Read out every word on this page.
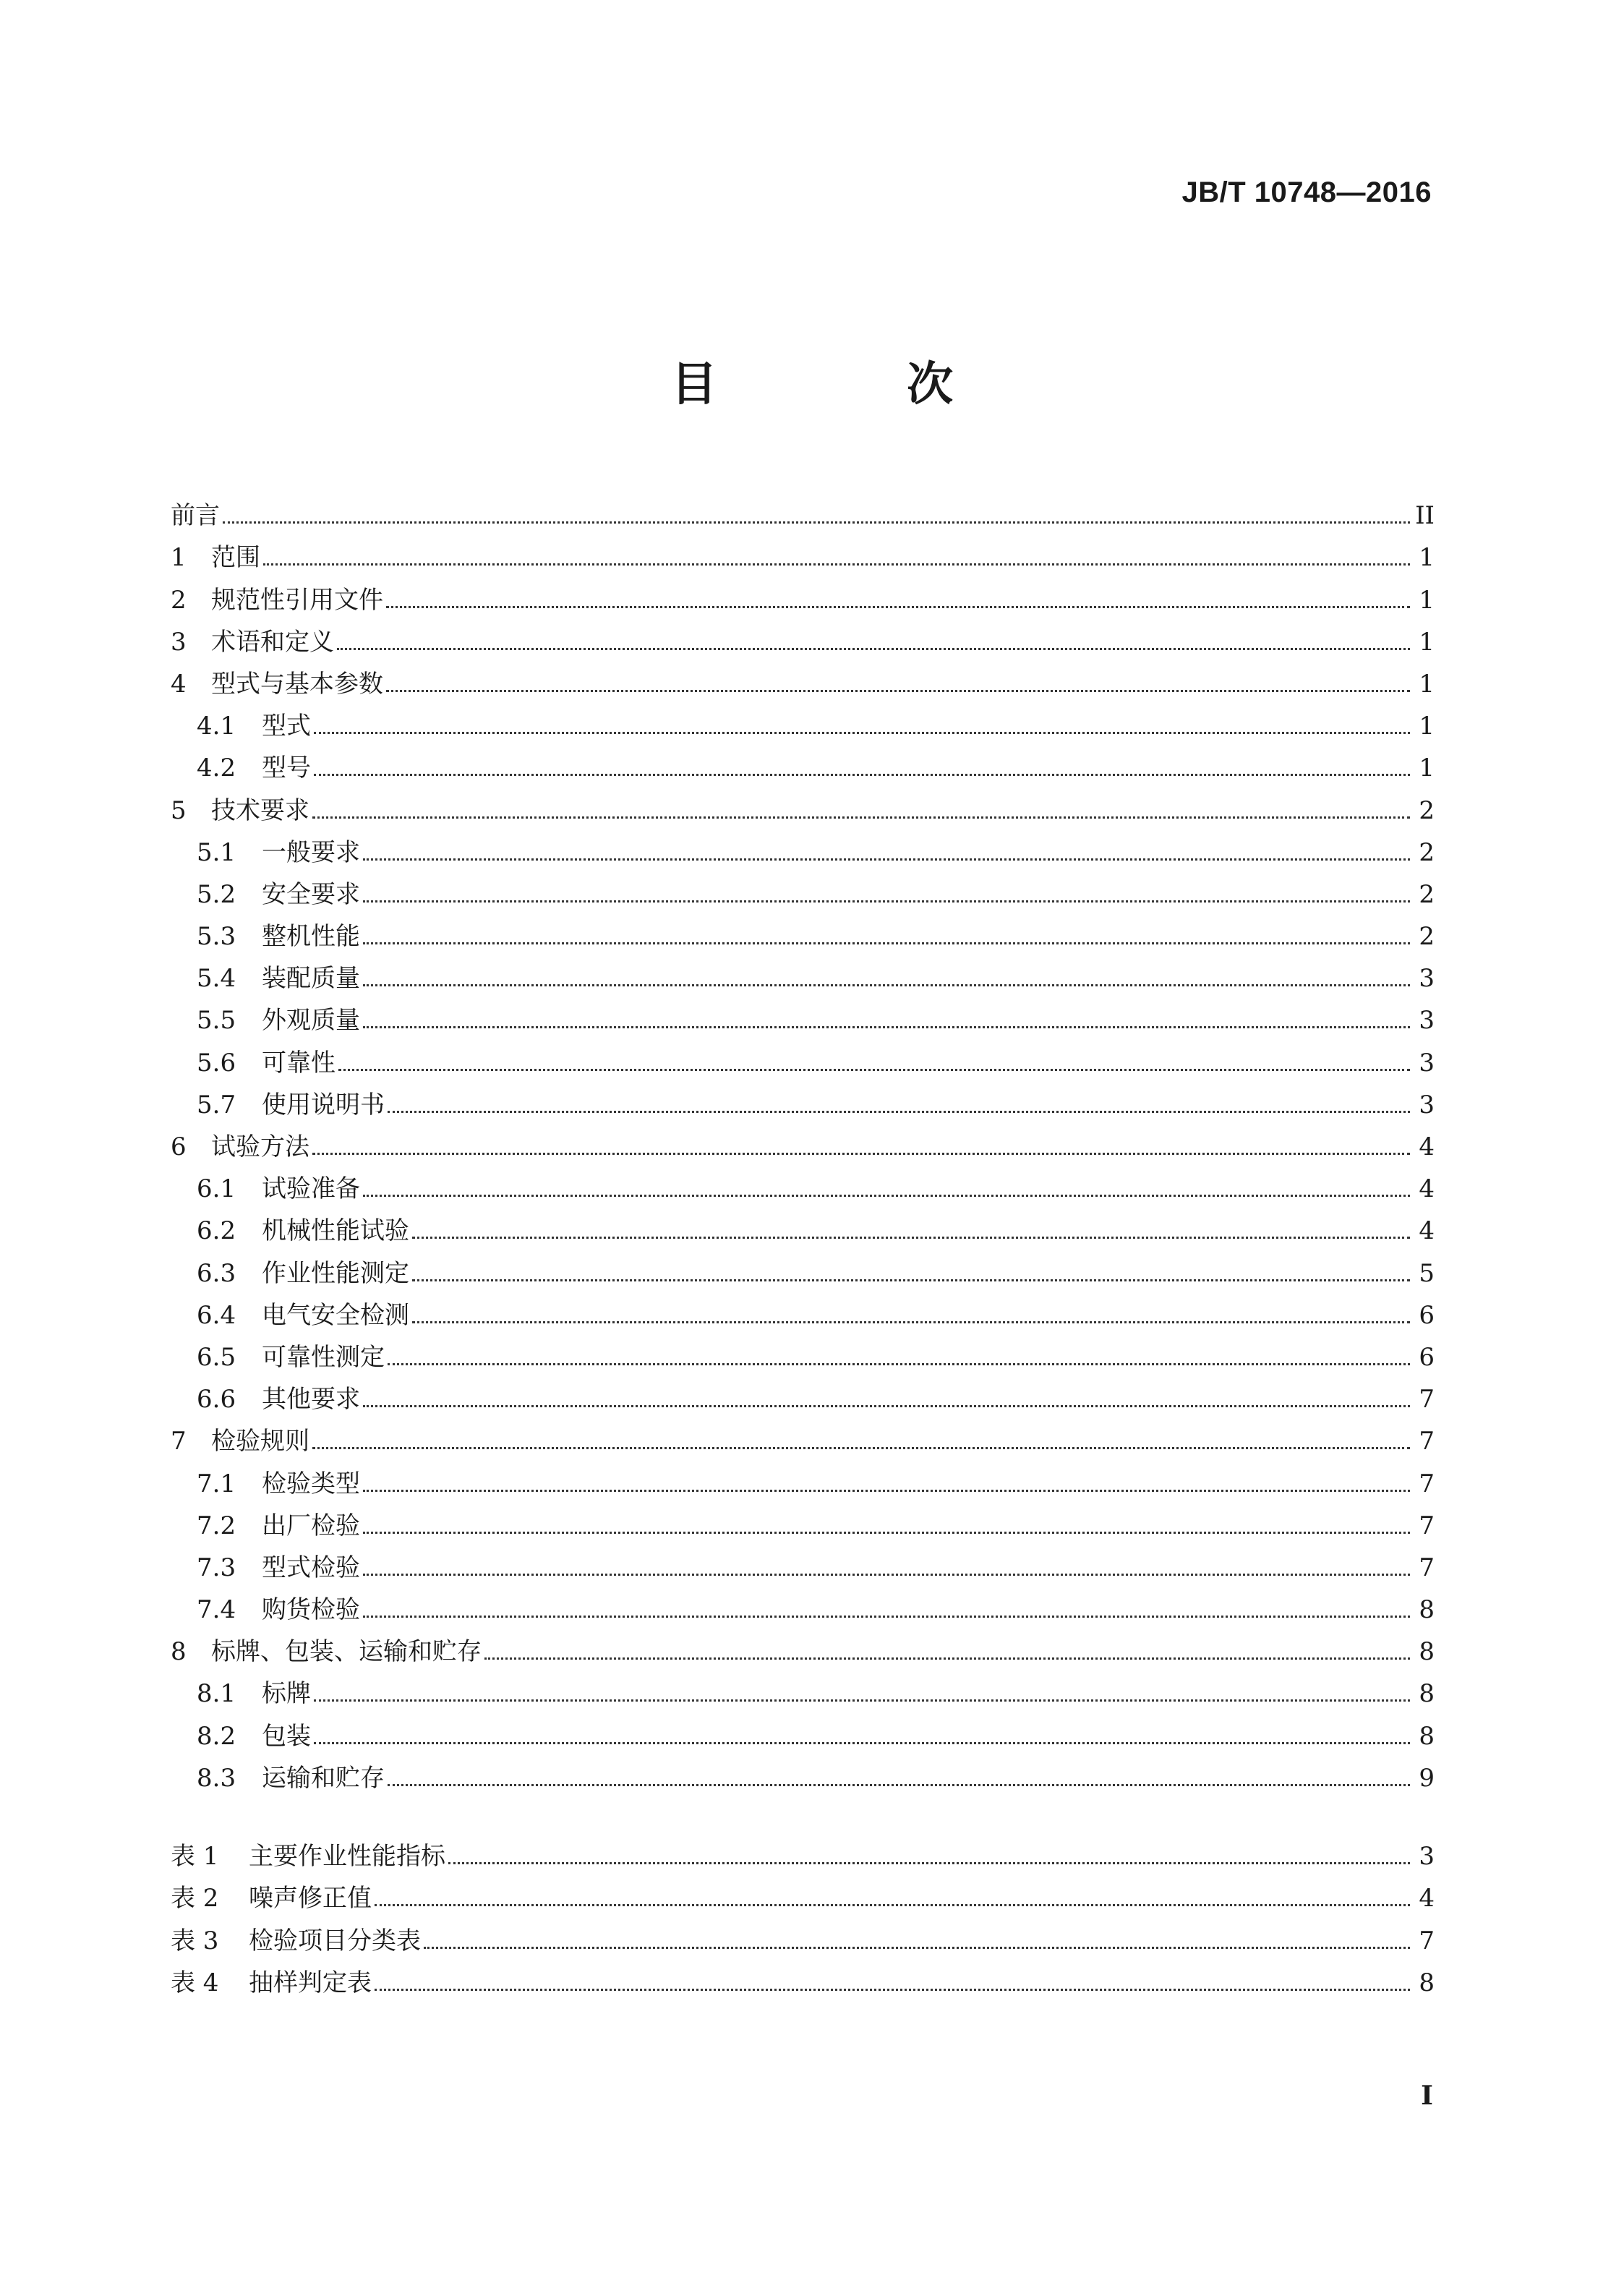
JB/T 10748—2016
目 次
前言	II
1	范围	1
2	规范性引用文件	1
3	术语和定义	1
4	型式与基本参数	1
4.1	型式	1
4.2	型号	1
5	技术要求	2
5.1	一般要求	2
5.2	安全要求	2
5.3	整机性能	2
5.4	装配质量	3
5.5	外观质量	3
5.6	可靠性	3
5.7	使用说明书	3
6	试验方法	4
6.1	试验准备	4
6.2	机械性能试验	4
6.3	作业性能测定	5
6.4	电气安全检测	6
6.5	可靠性测定	6
6.6	其他要求	7
7	检验规则	7
7.1	检验类型	7
7.2	出厂检验	7
7.3	型式检验	7
7.4	购货检验	8
8	标牌、包装、运输和贮存	8
8.1	标牌	8
8.2	包装	8
8.3	运输和贮存	9
表 1	主要作业性能指标	3
表 2	噪声修正值	4
表 3	检验项目分类表	7
表 4	抽样判定表	8
I
